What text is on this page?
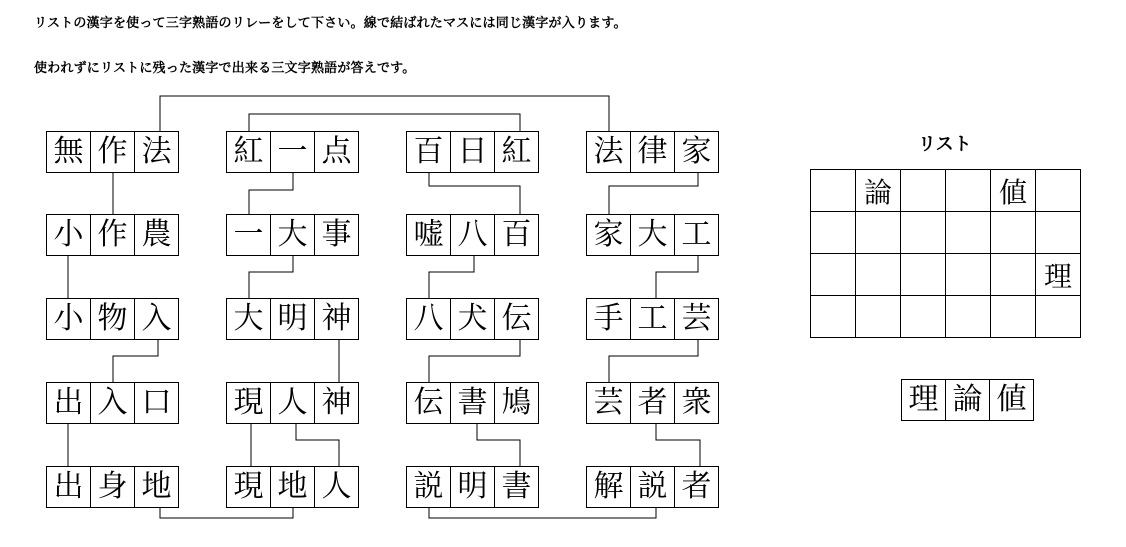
リストの漢字を使って三字熟語のリレーをして下さい。線で結ばれたマスには同じ漢字が入ります。
使われずにリストに残った漢字で出来る三文字熟語が答えです。
無 作 法
小 作 農
小 物 入
出 入 口
出 身 地
紅 一 点
一 大 事
大 明 神
現 人 神
現 地 人
百 日 紅
嘘 八 百
八 犬 伝
伝 書 鳩
説 明 書
法 律 家
家 大 工
手 工 芸
芸 者 衆
解 説 者
リスト
論	値
理
理 論 値
